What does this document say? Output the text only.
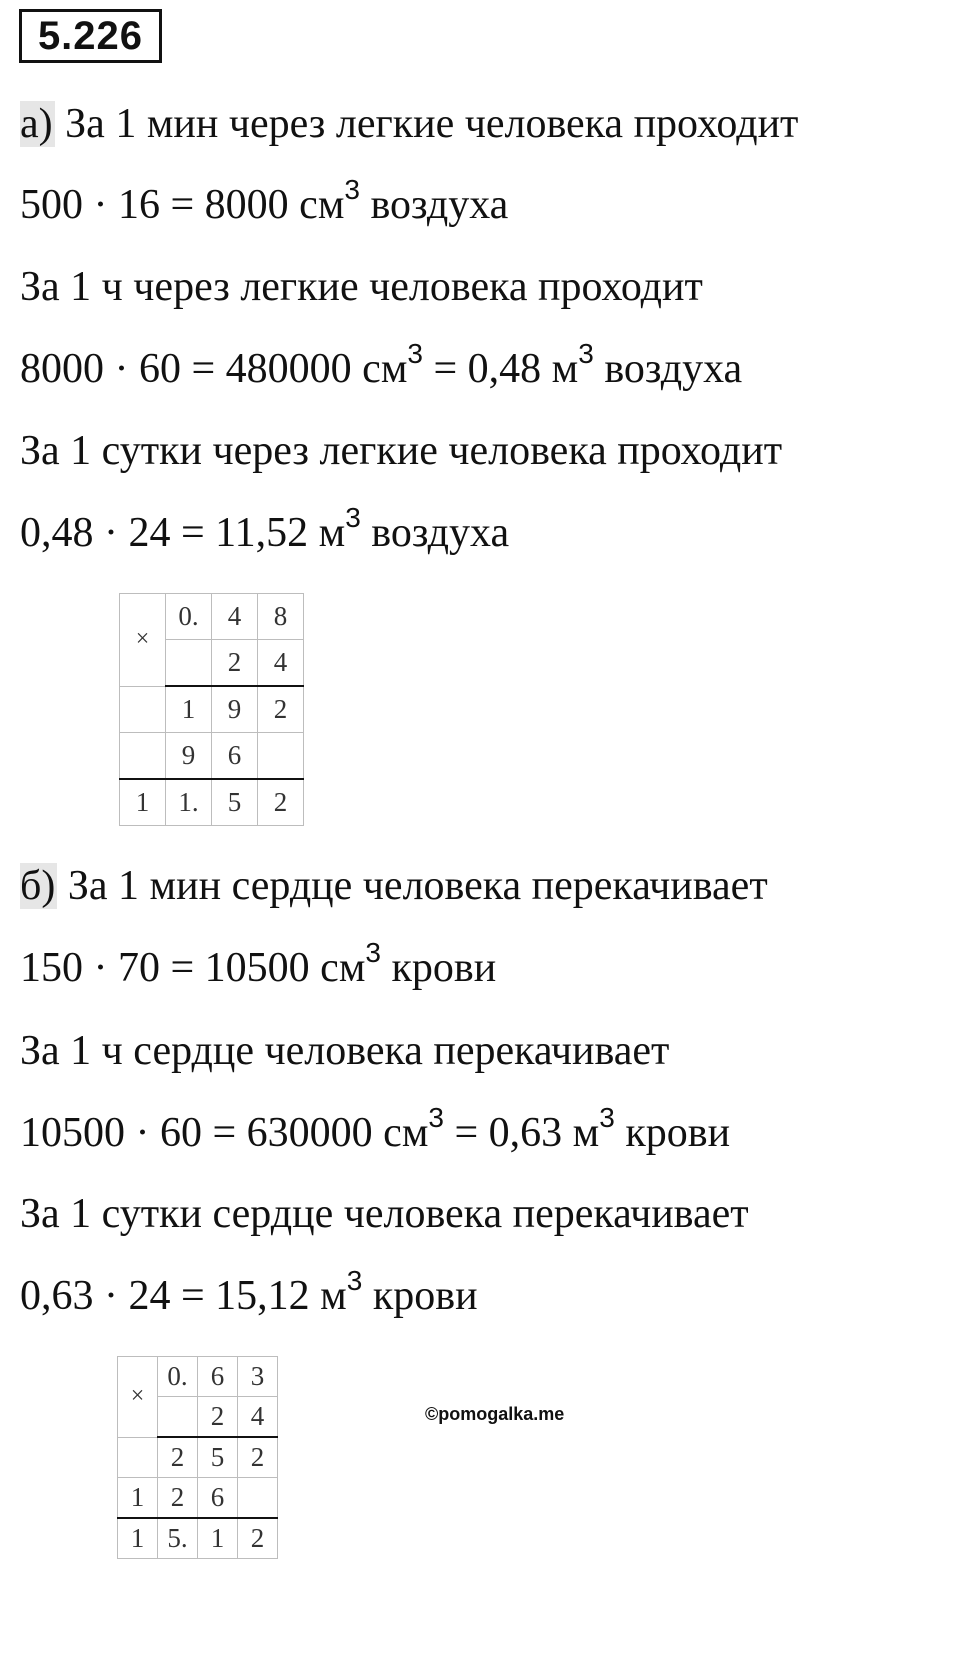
5.226
а) За 1 мин через легкие человека проходит
500 · 16 = 8000 $см^3$ воздуха
За 1 ч через легкие человека проходит
8000 · 60 = 480000 $см^3 = 0,48$ $м^3$ воздуха
За 1 сутки через легкие человека проходит
0,48 · 24 = 11,52 $м^3$ воздуха
×	0.	4	8
		2	4
	1	9	2
	9	6	
1	1.	5	2
б) За 1 мин сердце человека перекачивает
150 · 70 = 10500 $см^3$ крови
За 1 ч сердце человека перекачивает
10500 · 60 = 630000 $см^3 = 0,63$ $м^3$ крови
За 1 сутки сердце человека перекачивает
0,63 · 24 = 15,12 $м^3$ крови
×	0.	6	3
		2	4
	2	5	2
1	2	6	
1	5.	1	2
©pomogalka.me
